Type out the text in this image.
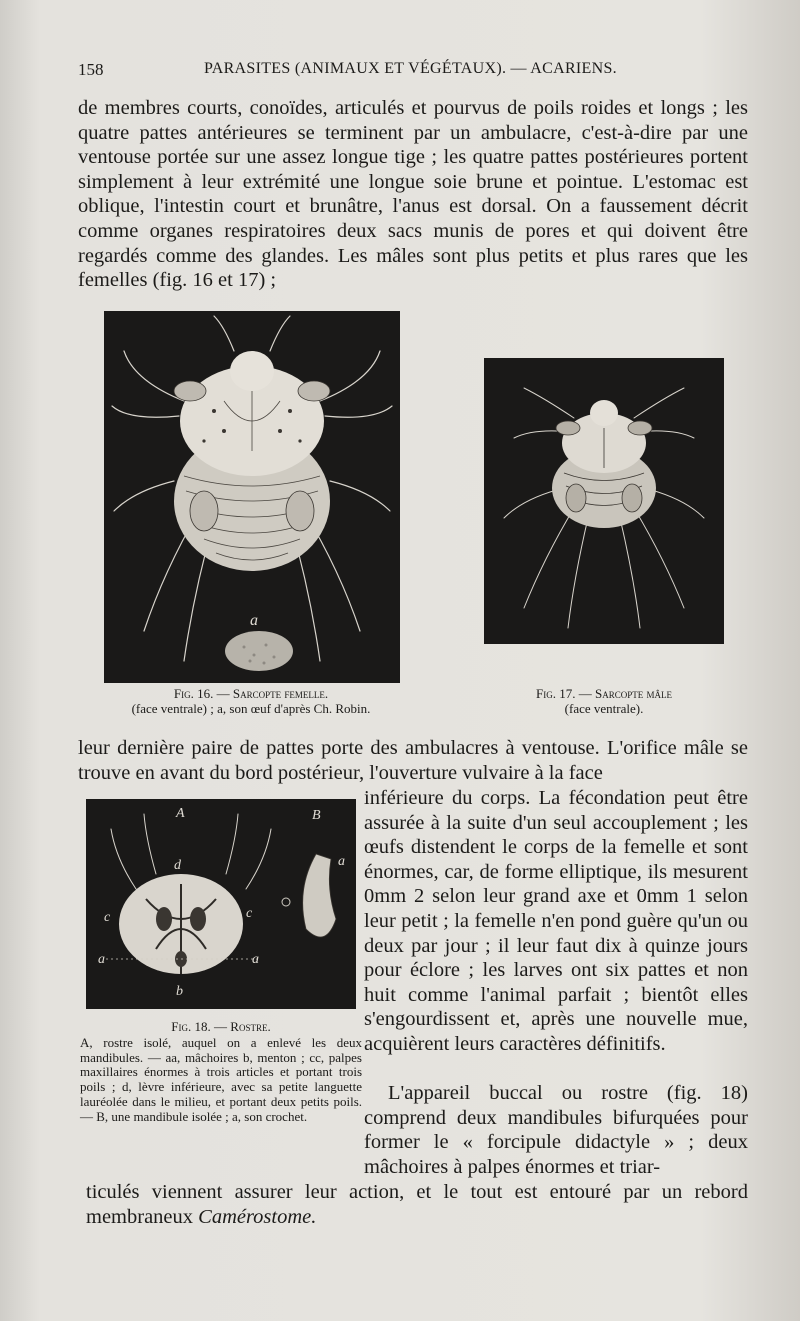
158	PARASITES (ANIMAUX ET VÉGÉTAUX). — ACARIENS.

de membres courts, conoïdes, articulés et pourvus de poils roides et longs ; les quatre pattes antérieures se terminent par un ambulacre, c'est-à-dire par une ventouse portée sur une assez longue tige ; les quatre pattes postérieures portent simplement à leur extrémité une longue soie brune et pointue. L'estomac est oblique, l'intestin court et brunâtre, l'anus est dorsal. On a faussement décrit comme organes respiratoires deux sacs munis de pores et qui doivent être regardés comme des glandes. Les mâles sont plus petits et plus rares que les femelles (fig. 16 et 17) ;

a
Fig. 16. — Sarcopte femelle.
(face ventrale) ; a, son œuf d'après Ch. Robin.
Fig. 17. — Sarcopte mâle
(face ventrale).

leur dernière paire de pattes porte des ambulacres à ventouse. L'orifice mâle se trouve en avant du bord postérieur, l'ouverture vulvaire à la face

A	B
d
c	c
a	a
b
a
Fig. 18. — Rostre.
A, rostre isolé, auquel on a enlevé les deux mandibules. — aa, mâchoires b, menton ; cc, palpes maxillaires énormes à trois articles et portant trois poils ; d, lèvre inférieure, avec sa petite languette lauréolée dans le milieu, et portant deux petits poils. — B, une mandibule isolée ; a, son crochet.

inférieure du corps. La fécondation peut être assurée à la suite d'un seul accouplement ; les œufs distendent le corps de la femelle et sont énormes, car, de forme elliptique, ils mesurent 0mm 2 selon leur grand axe et 0mm 1 selon leur petit ; la femelle n'en pond guère qu'un ou deux par jour ; il leur faut dix à quinze jours pour éclore ; les larves ont six pattes et non huit comme l'animal parfait ; bientôt elles s'engourdissent et, après une nouvelle mue, acquièrent leurs caractères définitifs.

L'appareil buccal ou rostre (fig. 18) comprend deux mandibules bifurquées pour former le « forcipule didactyle » ; deux mâchoires à palpes énormes et triar-

ticulés viennent assurer leur action, et le tout est entouré par un rebord membraneux Camérostome.
